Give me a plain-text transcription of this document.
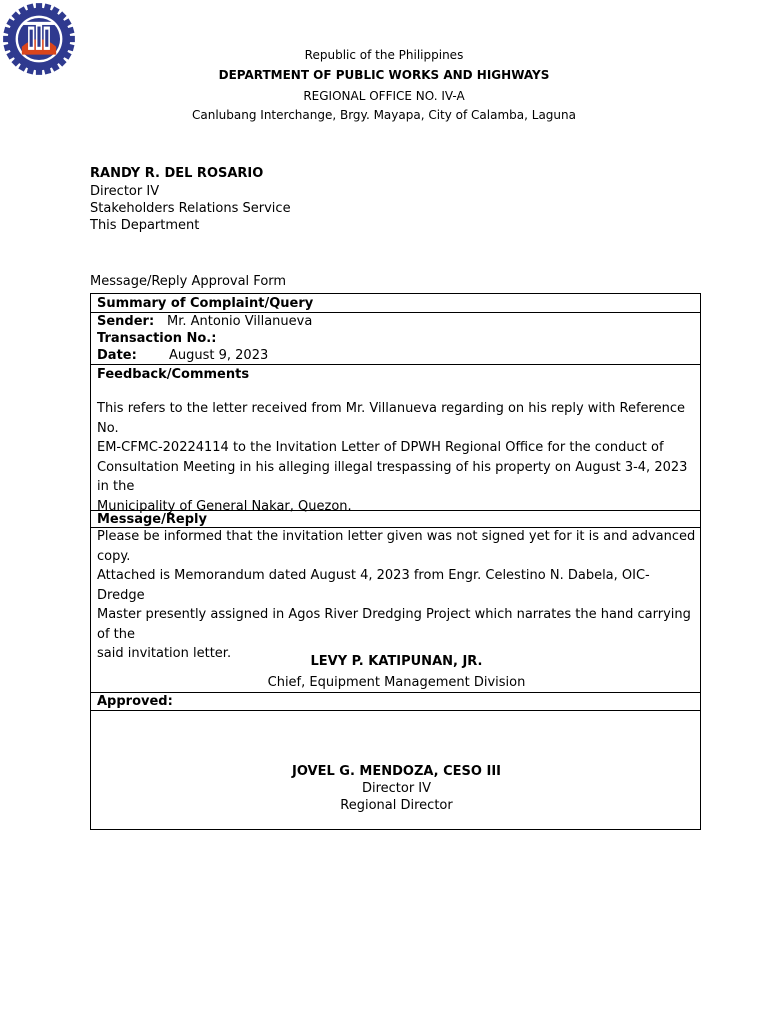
Republic of the Philippines
DEPARTMENT OF PUBLIC WORKS AND HIGHWAYS
REGIONAL OFFICE NO. IV-A
Canlubang Interchange, Brgy. Mayapa, City of Calamba, Laguna
RANDY R. DEL ROSARIO
Director IV
Stakeholders Relations Service
This Department
Message/Reply Approval Form
Summary of Complaint/Query
Sender: Mr. Antonio Villanueva
Transaction No.:
Date: August 9, 2023
Feedback/Comments
This refers to the letter received from Mr. Villanueva regarding on his reply with Reference No.
EM-CFMC-20224114 to the Invitation Letter of DPWH Regional Office for the conduct of
Consultation Meeting in his alleging illegal trespassing of his property on August 3-4, 2023 in the
Municipality of General Nakar, Quezon.
Message/Reply
Please be informed that the invitation letter given was not signed yet for it is and advanced copy.
Attached is Memorandum dated August 4, 2023 from Engr. Celestino N. Dabela, OIC- Dredge
Master presently assigned in Agos River Dredging Project which narrates the hand carrying of the
said invitation letter.
LEVY P. KATIPUNAN, JR.
Chief, Equipment Management Division
Approved:
JOVEL G. MENDOZA, CESO III
Director IV
Regional Director
